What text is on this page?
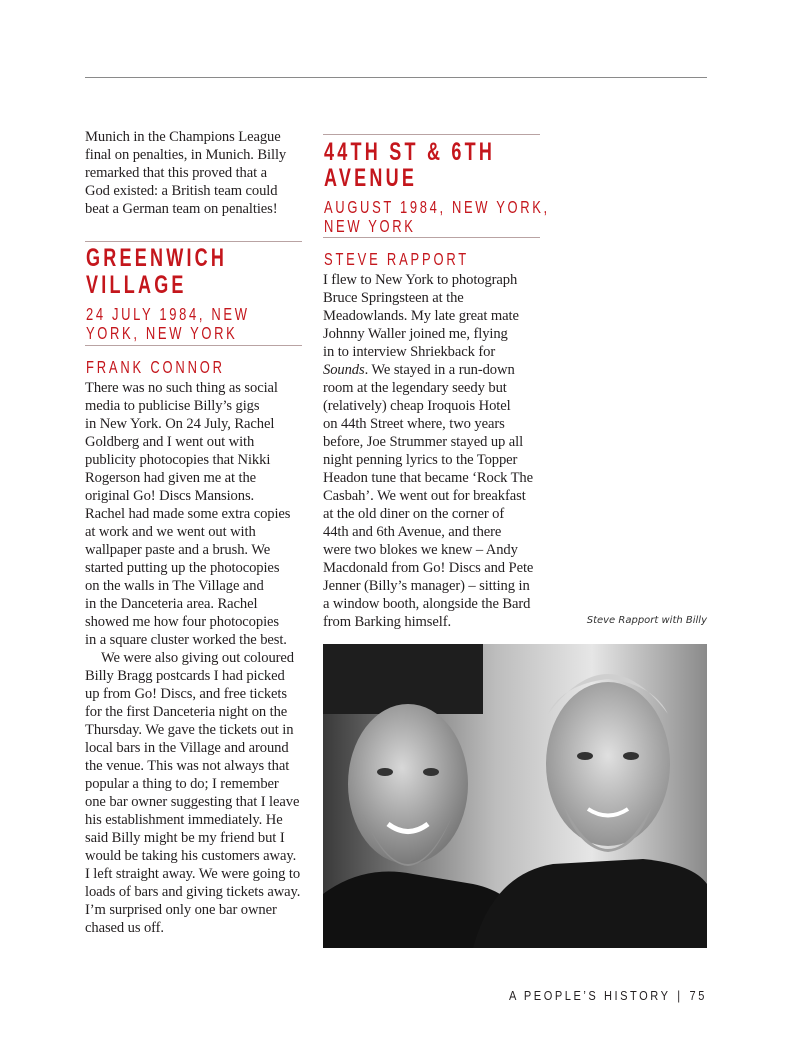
Munich in the Champions League
final on penalties, in Munich. Billy
remarked that this proved that a
God existed: a British team could
beat a German team on penalties!
GREENWICH
VILLAGE
24 JULY 1984, NEW
YORK, NEW YORK
FRANK CONNOR
There was no such thing as social
media to publicise Billy’s gigs
in New York. On 24 July, Rachel
Goldberg and I went out with
publicity photocopies that Nikki
Rogerson had given me at the
original Go! Discs Mansions.
Rachel had made some extra copies
at work and we went out with
wallpaper paste and a brush. We
started putting up the photocopies
on the walls in The Village and
in the Danceteria area. Rachel
showed me how four photocopies
in a square cluster worked the best.
We were also giving out coloured
Billy Bragg postcards I had picked
up from Go! Discs, and free tickets
for the first Danceteria night on the
Thursday. We gave the tickets out in
local bars in the Village and around
the venue. This was not always that
popular a thing to do; I remember
one bar owner suggesting that I leave
his establishment immediately. He
said Billy might be my friend but I
would be taking his customers away.
I left straight away. We were going to
loads of bars and giving tickets away.
I’m surprised only one bar owner
chased us off.
44TH ST & 6TH
AVENUE
AUGUST 1984, NEW YORK,
NEW YORK
STEVE RAPPORT
I flew to New York to photograph
Bruce Springsteen at the
Meadowlands. My late great mate
Johnny Waller joined me, flying
in to interview Shriekback for
Sounds. We stayed in a run-down
room at the legendary seedy but
(relatively) cheap Iroquois Hotel
on 44th Street where, two years
before, Joe Strummer stayed up all
night penning lyrics to the Topper
Headon tune that became ‘Rock The
Casbah’. We went out for breakfast
at the old diner on the corner of
44th and 6th Avenue, and there
were two blokes we knew – Andy
Macdonald from Go! Discs and Pete
Jenner (Billy’s manager) – sitting in
a window booth, alongside the Bard
from Barking himself.	Steve Rapport with Billy
A PEOPLE’S HISTORY | 75
